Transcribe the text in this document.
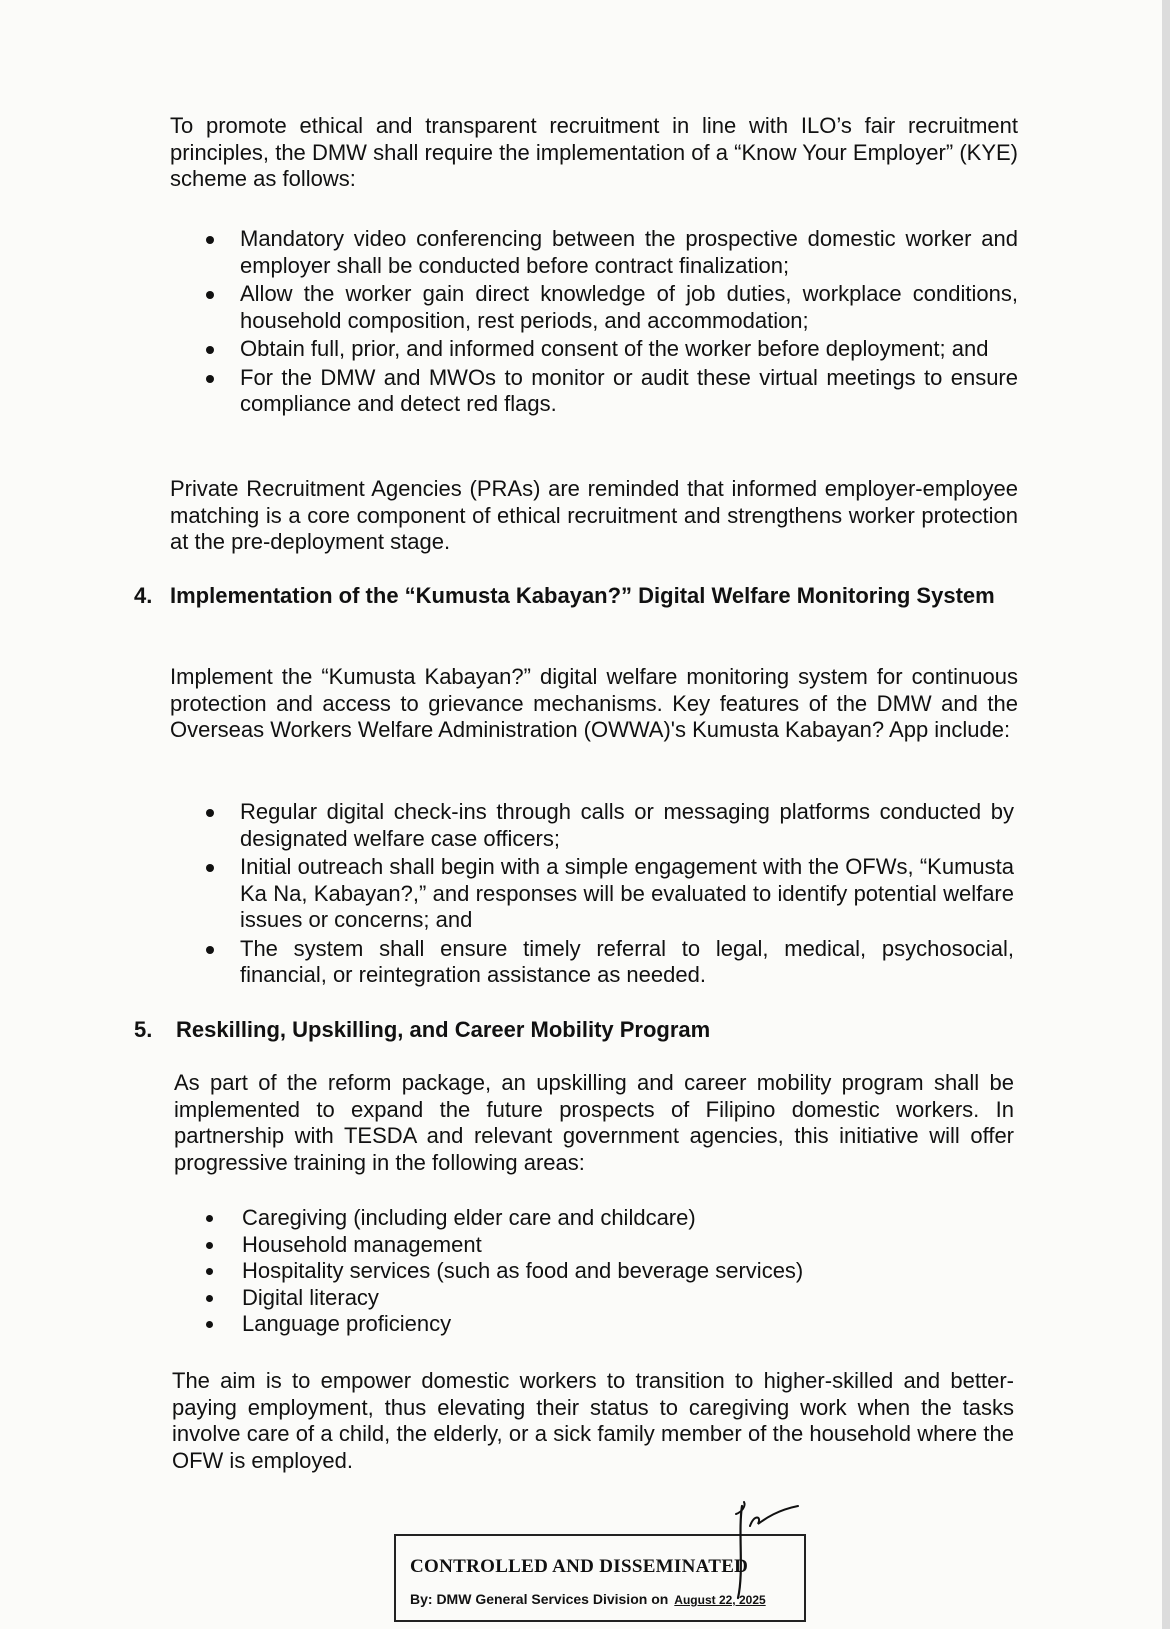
To promote ethical and transparent recruitment in line with ILO’s fair recruitment principles, the DMW shall require the implementation of a “Know Your Employer” (KYE) scheme as follows:

Mandatory video conferencing between the prospective domestic worker and employer shall be conducted before contract finalization;
Allow the worker gain direct knowledge of job duties, workplace conditions, household composition, rest periods, and accommodation;
Obtain full, prior, and informed consent of the worker before deployment; and
For the DMW and MWOs to monitor or audit these virtual meetings to ensure compliance and detect red flags.

Private Recruitment Agencies (PRAs) are reminded that informed employer-employee matching is a core component of ethical recruitment and strengthens worker protection at the pre-deployment stage.

4. Implementation of the “Kumusta Kabayan?” Digital Welfare Monitoring System

Implement the “Kumusta Kabayan?” digital welfare monitoring system for continuous protection and access to grievance mechanisms. Key features of the DMW and the Overseas Workers Welfare Administration (OWWA)'s Kumusta Kabayan? App include:

Regular digital check-ins through calls or messaging platforms conducted by designated welfare case officers;
Initial outreach shall begin with a simple engagement with the OFWs, “Kumusta Ka Na, Kabayan?,” and responses will be evaluated to identify potential welfare issues or concerns; and
The system shall ensure timely referral to legal, medical, psychosocial, financial, or reintegration assistance as needed.
5. Reskilling, Upskilling, and Career Mobility Program

As part of the reform package, an upskilling and career mobility program shall be implemented to expand the future prospects of Filipino domestic workers. In partnership with TESDA and relevant government agencies, this initiative will offer progressive training in the following areas:

Caregiving (including elder care and childcare)
Household management
Hospitality services (such as food and beverage services)
Digital literacy
Language proficiency

The aim is to empower domestic workers to transition to higher-skilled and better-paying employment, thus elevating their status to caregiving work when the tasks involve care of a child, the elderly, or a sick family member of the household where the OFW is employed.

CONTROLLED AND DISSEMINATED
By: DMW General Services Division on August 22, 2025
